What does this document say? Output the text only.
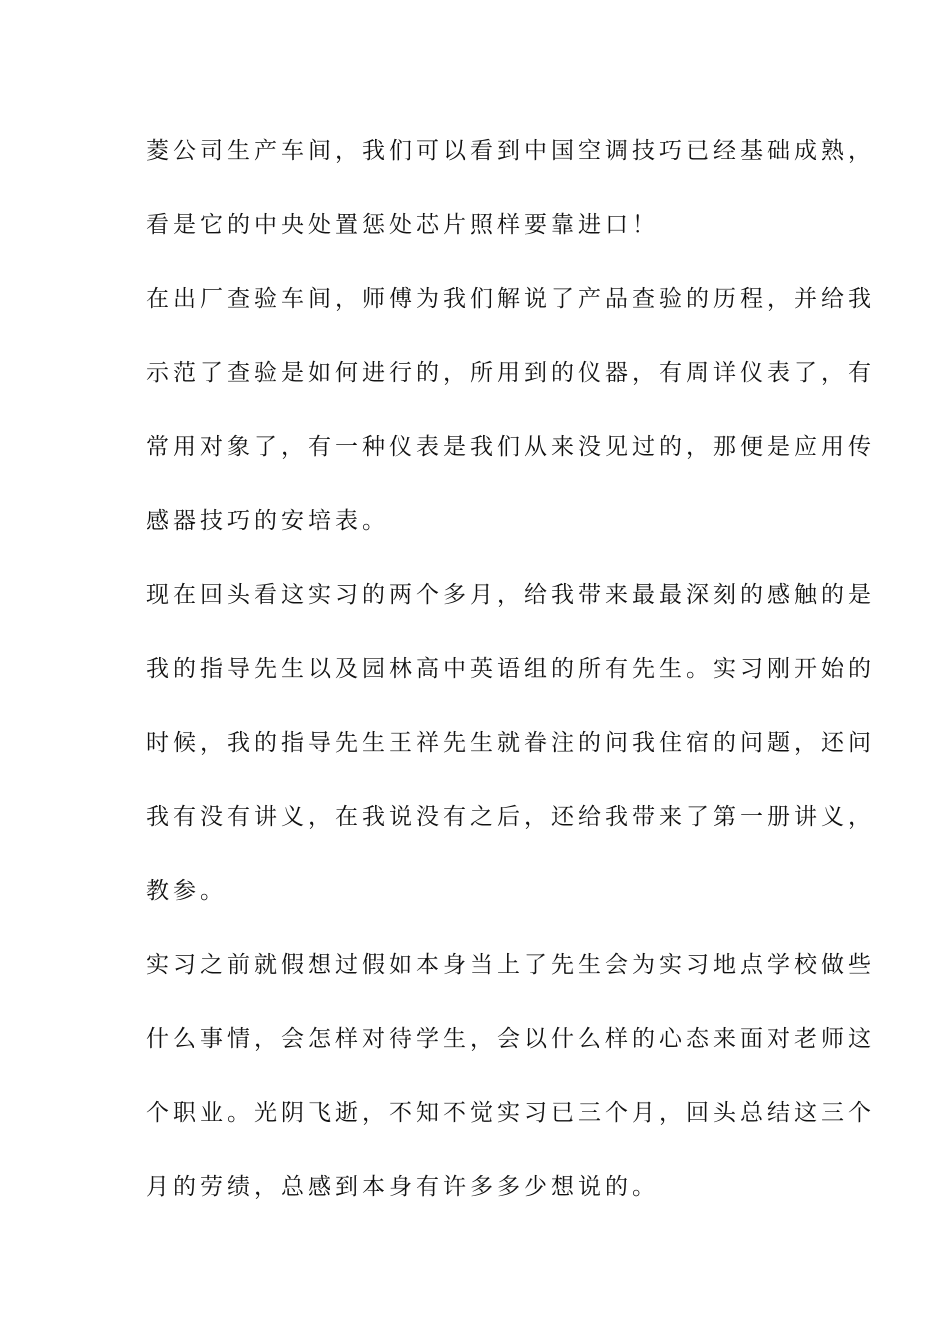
菱公司生产车间，我们可以看到中国空调技巧已经基础成熟，

看是它的中央处置惩处芯片照样要靠进口！

在出厂查验车间，师傅为我们解说了产品查验的历程，并给我

示范了查验是如何进行的，所用到的仪器，有周详仪表了，有

常用对象了，有一种仪表是我们从来没见过的，那便是应用传

感器技巧的安培表。

现在回头看这实习的两个多月，给我带来最最深刻的感触的是

我的指导先生以及园林高中英语组的所有先生。实习刚开始的

时候，我的指导先生王祥先生就眷注的问我住宿的问题，还问

我有没有讲义，在我说没有之后，还给我带来了第一册讲义，

教参。

实习之前就假想过假如本身当上了先生会为实习地点学校做些

什么事情，会怎样对待学生，会以什么样的心态来面对老师这

个职业。光阴飞逝，不知不觉实习已三个月，回头总结这三个

月的劳绩，总感到本身有许多多少想说的。
